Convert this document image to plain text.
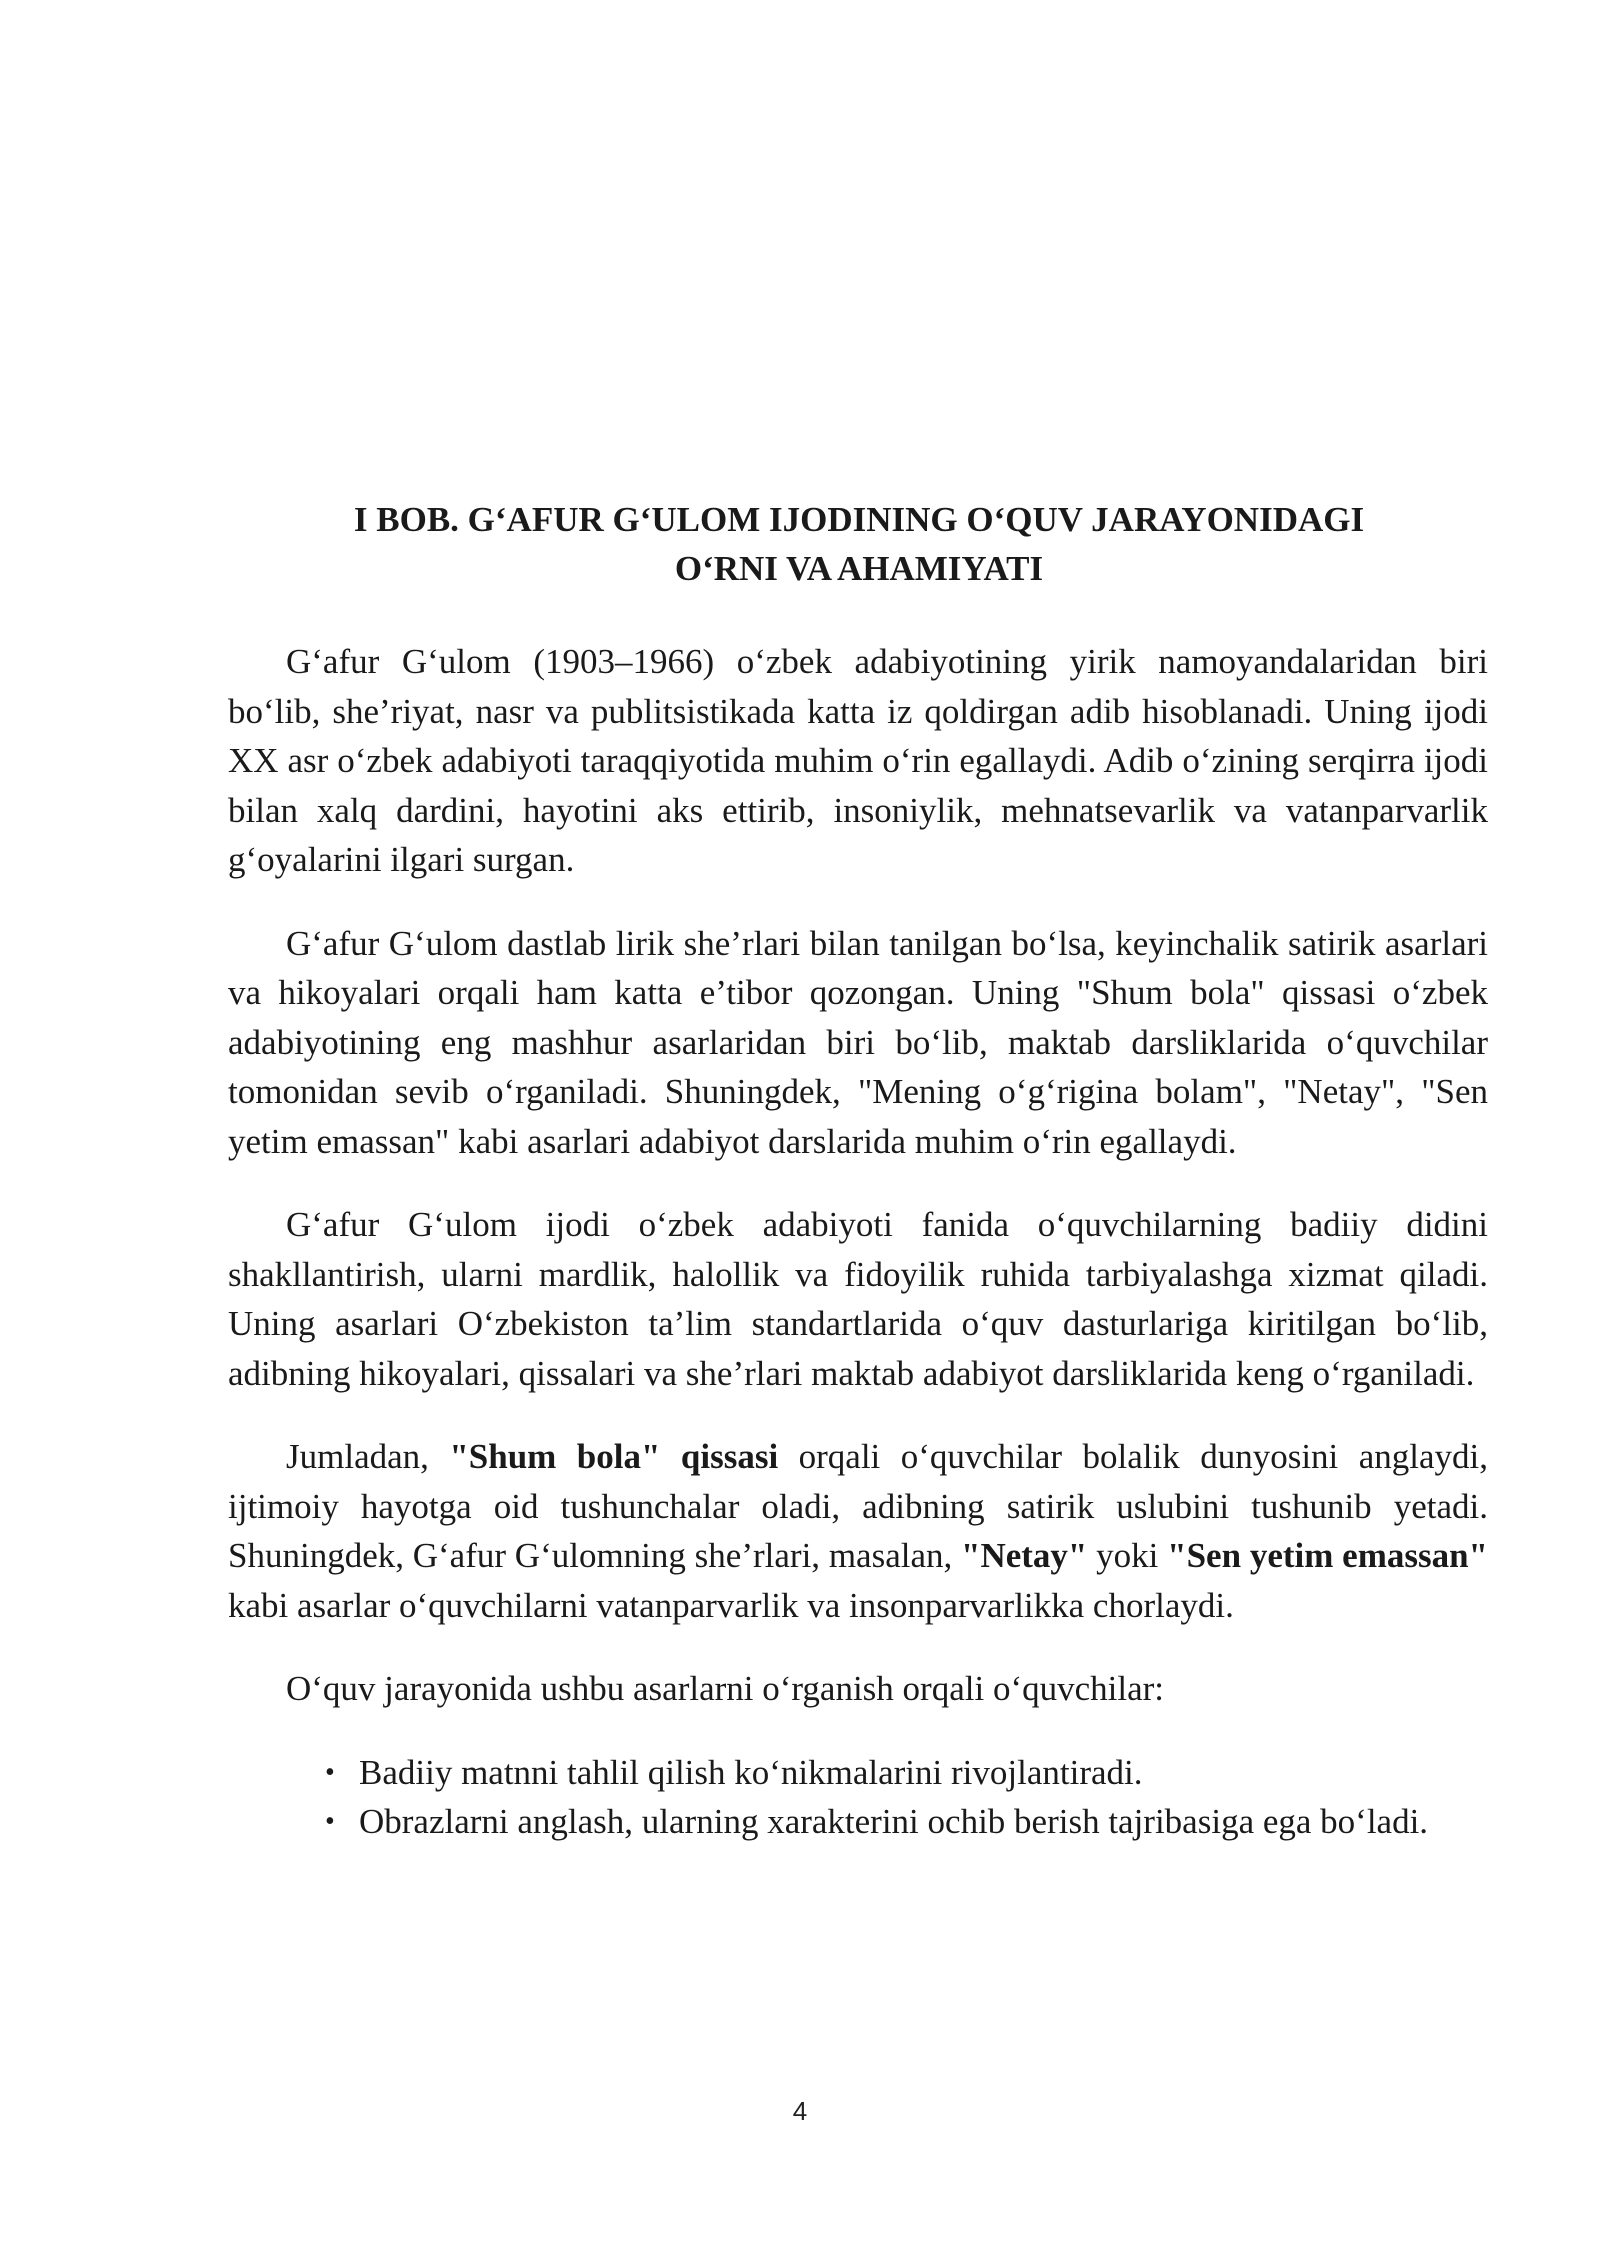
I BOB. G‘AFUR G‘ULOM IJODINING O‘QUV JARAYONIDAGI
O‘RNI VA AHAMIYATI

G‘afur G‘ulom (1903–1966) o‘zbek adabiyotining yirik namoyandalaridan biri bo‘lib, she’riyat, nasr va publitsistikada katta iz qoldirgan adib hisoblanadi. Uning ijodi XX asr o‘zbek adabiyoti taraqqiyotida muhim o‘rin egallaydi. Adib o‘zining serqirra ijodi bilan xalq dardini, hayotini aks ettirib, insoniylik, mehnatsevarlik va vatanparvarlik g‘oyalarini ilgari surgan.

G‘afur G‘ulom dastlab lirik she’rlari bilan tanilgan bo‘lsa, keyinchalik satirik asarlari va hikoyalari orqali ham katta e’tibor qozongan. Uning "Shum bola" qissasi o‘zbek adabiyotining eng mashhur asarlaridan biri bo‘lib, maktab darsliklarida o‘quvchilar tomonidan sevib o‘rganiladi. Shuningdek, "Mening o‘g‘rigina bolam", "Netay", "Sen yetim emassan" kabi asarlari adabiyot darslarida muhim o‘rin egallaydi.

G‘afur G‘ulom ijodi o‘zbek adabiyoti fanida o‘quvchilarning badiiy didini shakllantirish, ularni mardlik, halollik va fidoyilik ruhida tarbiyalashga xizmat qiladi. Uning asarlari O‘zbekiston ta’lim standartlarida o‘quv dasturlariga kiritilgan bo‘lib, adibning hikoyalari, qissalari va she’rlari maktab adabiyot darsliklarida keng o‘rganiladi.

Jumladan, "Shum bola" qissasi orqali o‘quvchilar bolalik dunyosini anglaydi, ijtimoiy hayotga oid tushunchalar oladi, adibning satirik uslubini tushunib yetadi. Shuningdek, G‘afur G‘ulomning she’rlari, masalan, "Netay" yoki "Sen yetim emassan" kabi asarlar o‘quvchilarni vatanparvarlik va insonparvarlikka chorlaydi.

O‘quv jarayonida ushbu asarlarni o‘rganish orqali o‘quvchilar:

• Badiiy matnni tahlil qilish ko‘nikmalarini rivojlantiradi.
• Obrazlarni anglash, ularning xarakterini ochib berish tajribasiga ega bo‘ladi.
4
